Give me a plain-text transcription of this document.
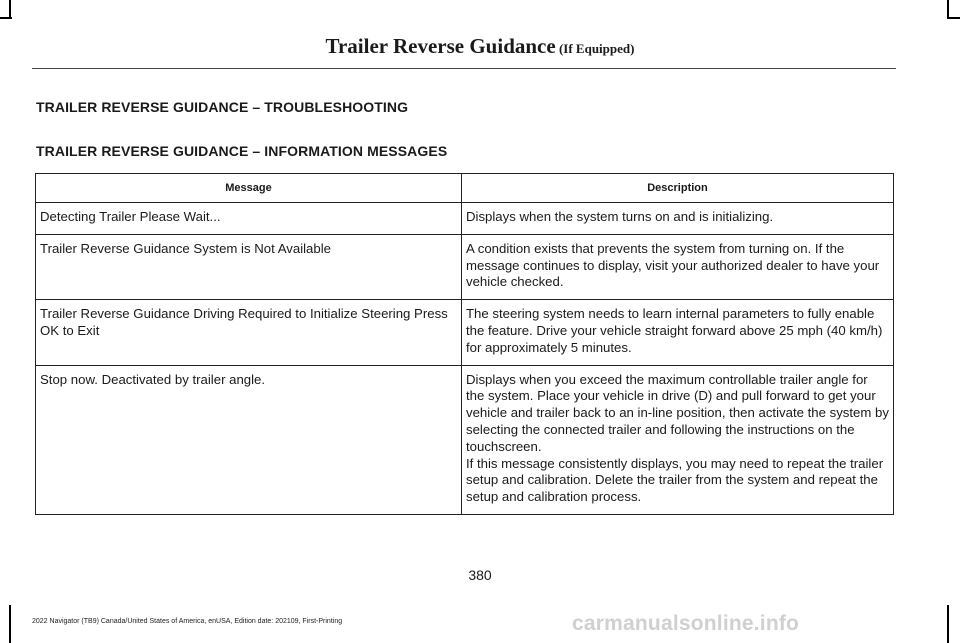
Trailer Reverse Guidance (If Equipped)
TRAILER REVERSE GUIDANCE – TROUBLESHOOTING
TRAILER REVERSE GUIDANCE – INFORMATION MESSAGES
Message	Description
Detecting Trailer Please Wait...	Displays when the system turns on and is initializing.

Trailer Reverse Guidance System is Not Available	A condition exists that prevents the system from turning on. If the message continues to display, visit your authorized dealer to have your vehicle checked.

Trailer Reverse Guidance Driving Required to Initialize Steering Press OK to Exit	The steering system needs to learn internal parameters to fully enable the feature. Drive your vehicle straight forward above 25 mph (40 km/h) for approximately 5 minutes.

Stop now. Deactivated by trailer angle.	Displays when you exceed the maximum controllable trailer angle for the system. Place your vehicle in drive (D) and pull forward to get your vehicle and trailer back to an in-line position, then activate the system by selecting the connected trailer and following the instructions on the touchscreen.
If this message consistently displays, you may need to repeat the trailer setup and calibration. Delete the trailer from the system and repeat the setup and calibration process.
380
2022 Navigator (TB9) Canada/United States of America, enUSA, Edition date: 202109, First-Printing	carmanualsonline.info
